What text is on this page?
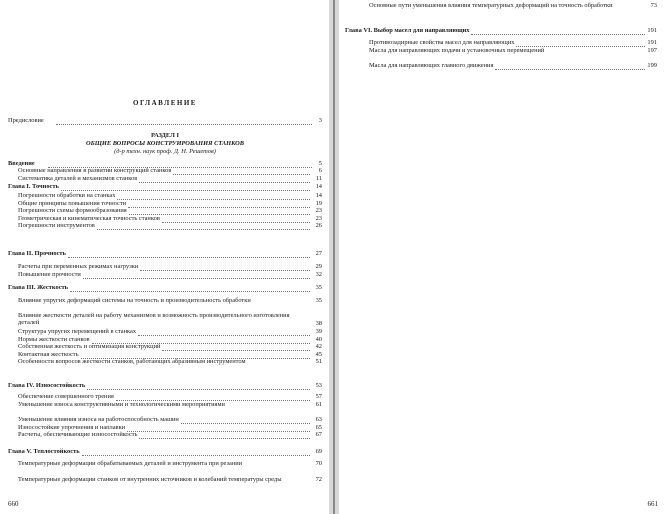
ОГЛАВЛЕНИЕ
Предисловие	3
РАЗДЕЛ I
ОБЩИЕ ВОПРОСЫ КОНСТРУИРОВАНИЯ СТАНКОВ
(д-р техн. наук проф. Д. Н. Решетов)
Введение	5
Основные направления в развитии конструкций станков	6
Систематика деталей и механизмов станков	11
Глава I. Точность	14
Погрешности обработки на станках	14
Общие принципы повышения точности	19
Погрешности схемы формообразования	23
Геометрическая и кинематическая точность станков	23
Погрешности инструментов	26
Глава II. Прочность	27
Расчеты при переменных режимах нагрузки	29
Повышение прочности	32
Глава III. Жесткость	35
Влияние упругих деформаций системы на точность и производительность обработки	35
Влияние жесткости деталей на работу механизмов и возможность производительного изготовления деталей	38
Структура упругих перемещений в станках	39
Нормы жесткости станков	40
Собственная жесткость и оптимизация конструкций	42
Контактная жесткость	45
Особенности вопросов жесткости станков, работающих абразивным инструментом	51
Глава IV. Износостойкость	53
Обеспечение совершенного трения	57
Уменьшение износа конструктивными и технологическими мероприятиями	61
Уменьшение влияния износа на работоспособность машин	63
Износостойкие упрочнения и наплавки	65
Расчеты, обеспечивающие износостойкость	67
Глава V. Теплостойкость	69
Температурные деформации обрабатываемых деталей и инструмента при резании	70
Температурные деформации станков от внутренних источников и колебаний температуры среды	72
660
Основные пути уменьшения влияния температурных деформаций на точность обработки	73
Глава VI. Выбор масел для направляющих	191
Противозадирные свойства масел для направляющих	191
Масла для направляющих подачи и установочных перемещений	197
Масла для направляющих главного движения	199
661
